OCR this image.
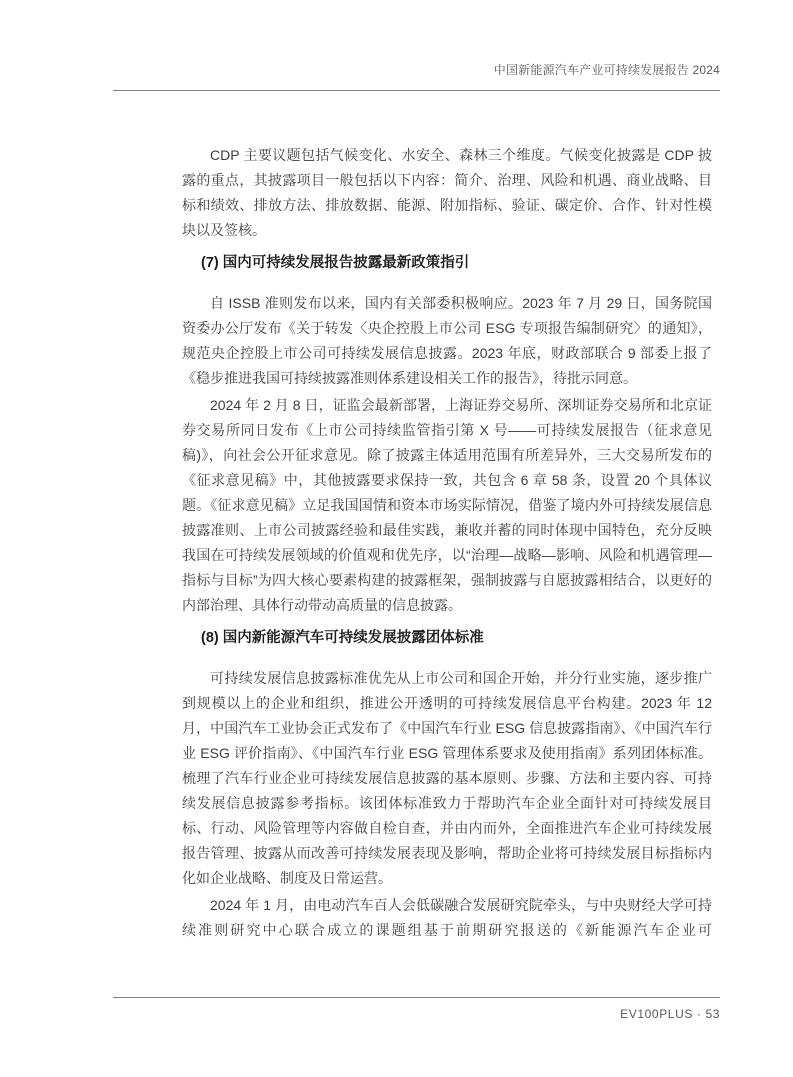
中国新能源汽车产业可持续发展报告 2024

CDP 主要议题包括气候变化、水安全、森林三个维度。气候变化披露是 CDP 披露的重点，其披露项目一般包括以下内容：简介、治理、风险和机遇、商业战略、目标和绩效、排放方法、排放数据、能源、附加指标、验证、碳定价、合作、针对性模块以及签核。

(7) 国内可持续发展报告披露最新政策指引

自 ISSB 准则发布以来，国内有关部委积极响应。2023 年 7 月 29 日，国务院国资委办公厅发布《关于转发〈央企控股上市公司 ESG 专项报告编制研究〉的通知》，规范央企控股上市公司可持续发展信息披露。2023 年底，财政部联合 9 部委上报了《稳步推进我国可持续披露准则体系建设相关工作的报告》，待批示同意。

2024 年 2 月 8 日，证监会最新部署，上海证券交易所、深圳证券交易所和北京证券交易所同日发布《上市公司持续监管指引第 X 号——可持续发展报告（征求意见稿)》，向社会公开征求意见。除了披露主体适用范围有所差异外，三大交易所发布的《征求意见稿》中，其他披露要求保持一致，共包含 6 章 58 条，设置 20 个具体议题。《征求意见稿》立足我国国情和资本市场实际情况，借鉴了境内外可持续发展信息披露准则、上市公司披露经验和最佳实践，兼收并蓄的同时体现中国特色，充分反映我国在可持续发展领域的价值观和优先序，以“治理—战略—影响、风险和机遇管理—指标与目标”为四大核心要素构建的披露框架，强制披露与自愿披露相结合，以更好的内部治理、具体行动带动高质量的信息披露。

(8) 国内新能源汽车可持续发展披露团体标准

可持续发展信息披露标准优先从上市公司和国企开始，并分行业实施，逐步推广到规模以上的企业和组织，推进公开透明的可持续发展信息平台构建。2023 年 12 月，中国汽车工业协会正式发布了《中国汽车行业 ESG 信息披露指南》、《中国汽车行业 ESG 评价指南》、《中国汽车行业 ESG 管理体系要求及使用指南》系列团体标准。梳理了汽车行业企业可持续发展信息披露的基本原则、步骤、方法和主要内容、可持续发展信息披露参考指标。该团体标准致力于帮助汽车企业全面针对可持续发展目标、行动、风险管理等内容做自检自查，并由内而外，全面推进汽车企业可持续发展报告管理、披露从而改善可持续发展表现及影响，帮助企业将可持续发展目标指标内化如企业战略、制度及日常运营。

2024 年 1 月，由电动汽车百人会低碳融合发展研究院牵头，与中央财经大学可持续准则研究中心联合成立的课题组基于前期研究报送的《新能源汽车企业可

EV100PLUS · 53
